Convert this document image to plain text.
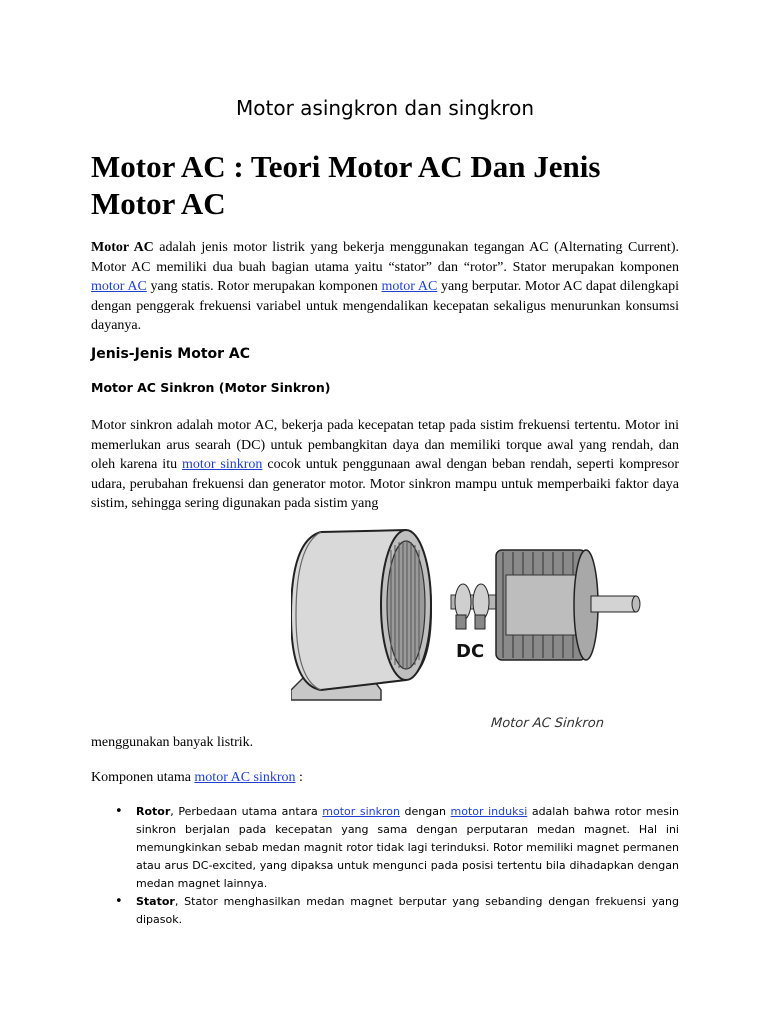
Motor asingkron dan singkron
Motor AC : Teori Motor AC Dan Jenis Motor AC

Motor AC adalah jenis motor listrik yang bekerja menggunakan tegangan AC (Alternating Current). Motor AC memiliki dua buah bagian utama yaitu “stator” dan “rotor”. Stator merupakan komponen motor AC yang statis. Rotor merupakan komponen motor AC yang berputar. Motor AC dapat dilengkapi dengan penggerak frekuensi variabel untuk mengendalikan kecepatan sekaligus menurunkan konsumsi dayanya.

Jenis-Jenis Motor AC
Motor AC Sinkron (Motor Sinkron)

Motor sinkron adalah motor AC, bekerja pada kecepatan tetap pada sistim frekuensi tertentu. Motor ini memerlukan arus searah (DC) untuk pembangkitan daya dan memiliki torque awal yang rendah, dan oleh karena itu motor sinkron cocok untuk penggunaan awal dengan beban rendah, seperti kompresor udara, perubahan frekuensi dan generator motor. Motor sinkron mampu untuk memperbaiki faktor daya sistim, sehingga sering digunakan pada sistim yang

DC
Motor AC Sinkron

menggunakan banyak listrik.

Komponen utama motor AC sinkron :

• Rotor, Perbedaan utama antara motor sinkron dengan motor induksi adalah bahwa rotor mesin sinkron berjalan pada kecepatan yang sama dengan perputaran medan magnet. Hal ini memungkinkan sebab medan magnit rotor tidak lagi terinduksi. Rotor memiliki magnet permanen atau arus DC-excited, yang dipaksa untuk mengunci pada posisi tertentu bila dihadapkan dengan medan magnet lainnya.
• Stator, Stator menghasilkan medan magnet berputar yang sebanding dengan frekuensi yang dipasok.
